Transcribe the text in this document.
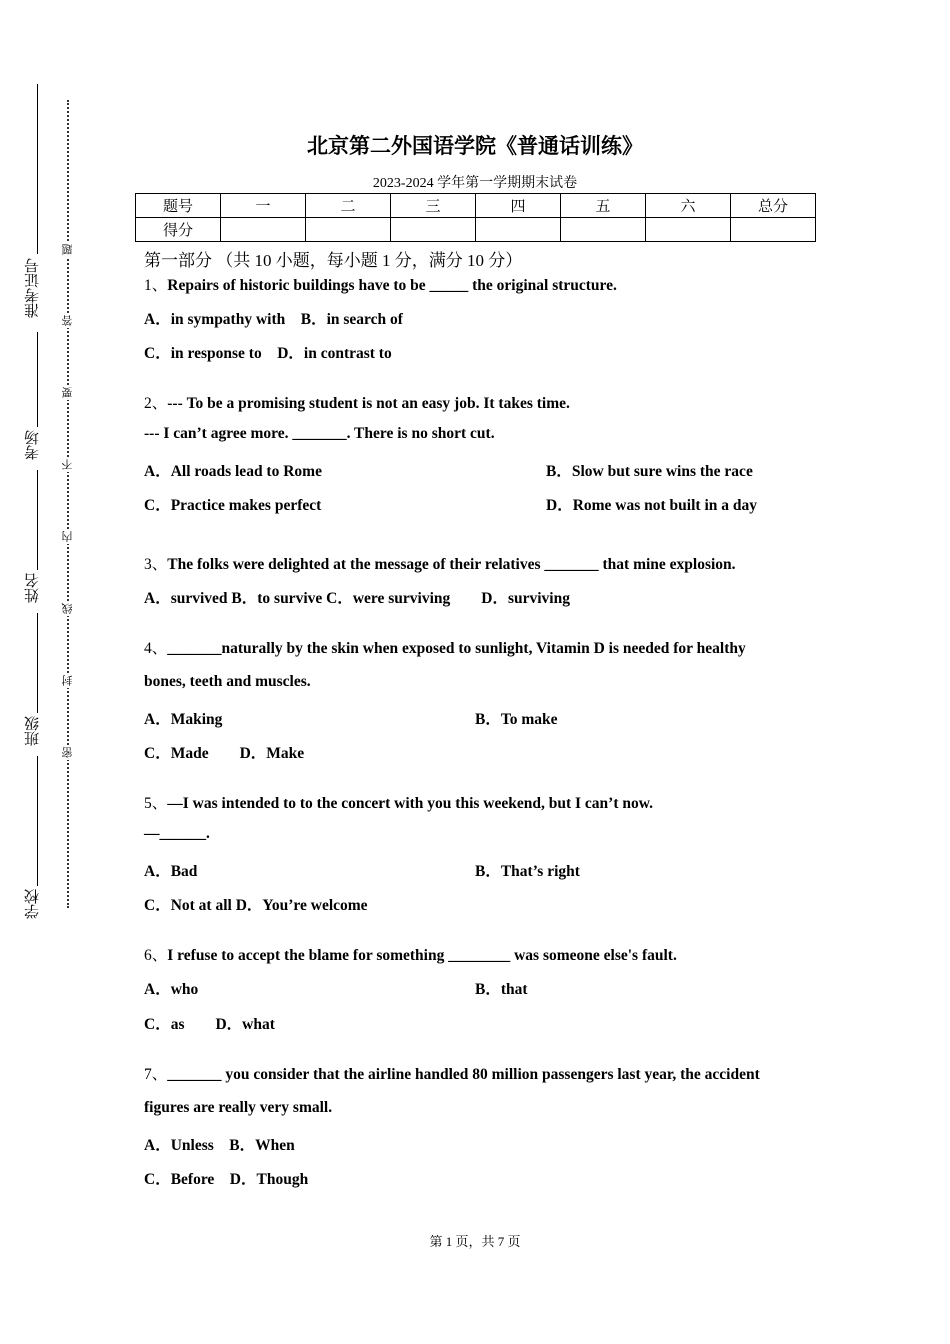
准考证号
考场
姓名
班级
学校
题
答
要
不
内
线
封
密
北京第二外国语学院《普通话训练》
2023-2024 学年第一学期期末试卷
题号	一	二	三	四	五	六	总分
得分							
第一部分 （共 10 小题，每小题 1 分，满分 10 分）
1、Repairs of historic buildings have to be _____ the original structure.
A．in sympathy with　B．in search of
C．in response to　D．in contrast to
2、--- To be a promising student is not an easy job. It takes time.
--- I can’t agree more. _______. There is no short cut.
A．All roads lead to Rome	B．Slow but sure wins the race
C．Practice makes perfect	D．Rome was not built in a day
3、The folks were delighted at the message of their relatives _______ that mine explosion.
A．survived B．to survive C．were surviving　　D．surviving
4、_______naturally by the skin when exposed to sunlight, Vitamin D is needed for healthy
bones, teeth and muscles.
A．Making	B．To make
C．Made　　D．Make
5、—I was intended to to the concert with you this weekend, but I can’t now.
—______.
A．Bad	B．That’s right
C．Not at all D．You’re welcome
6、I refuse to accept the blame for something ________ was someone else's fault.
A．who	B．that
C．as　　D．what
7、_______ you consider that the airline handled 80 million passengers last year, the accident
figures are really very small.
A．Unless　B．When
C．Before　D．Though
第 1 页，共 7 页
